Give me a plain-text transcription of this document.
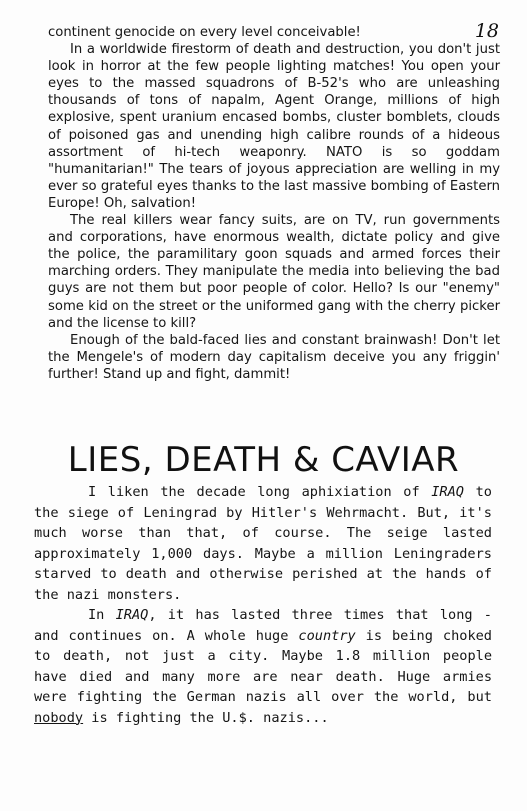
18

continent genocide on every level conceivable!

In a worldwide firestorm of death and destruction, you don't just look in horror at the few people lighting matches! You open your eyes to the massed squadrons of B-52's who are unleashing thousands of tons of napalm, Agent Orange, millions of high explosive, spent uranium encased bombs, cluster bomblets, clouds of poisoned gas and unending high calibre rounds of a hideous assortment of hi-tech weaponry. NATO is so goddam "humanitarian!" The tears of joyous appreciation are welling in my ever so grateful eyes thanks to the last massive bombing of Eastern Europe! Oh, salvation!

The real killers wear fancy suits, are on TV, run governments and corporations, have enormous wealth, dictate policy and give the police, the paramilitary goon squads and armed forces their marching orders. They manipulate the media into believing the bad guys are not them but poor people of color. Hello? Is our "enemy" some kid on the street or the uniformed gang with the cherry picker and the license to kill?

Enough of the bald-faced lies and constant brainwash! Don't let the Mengele's of modern day capitalism deceive you any friggin' further! Stand up and fight, dammit!

LIES, DEATH & CAVIAR

I liken the decade long aphixiation of IRAQ to the siege of Leningrad by Hitler's Wehrmacht. But, it's much worse than that, of course. The seige lasted approximately 1,000 days. Maybe a million Leningraders starved to death and otherwise perished at the hands of the nazi monsters.

In IRAQ, it has lasted three times that long - and continues on. A whole huge country is being choked to death, not just a city. Maybe 1.8 million people have died and many more are near death. Huge armies were fighting the German nazis all over the world, but nobody is fighting the U.$. nazis...
